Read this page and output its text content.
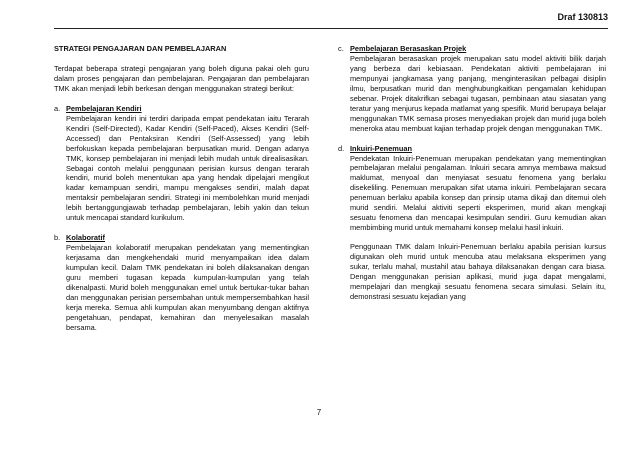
Draf 130813

STRATEGI PENGAJARAN DAN PEMBELAJARAN

Terdapat beberapa strategi pengajaran yang boleh diguna pakai oleh guru dalam proses pengajaran dan pembelajaran. Pengajaran dan pembelajaran TMK akan menjadi lebih berkesan dengan menggunakan strategi berikut:

a. Pembelajaran Kendiri

Pembelajaran kendiri ini terdiri daripada empat pendekatan iaitu Terarah Kendiri (Self-Directed), Kadar Kendiri (Self-Paced), Akses Kendiri (Self-Accessed) dan Pentaksiran Kendiri (Self-Assessed) yang lebih berfokuskan kepada pembelajaran berpusatkan murid. Dengan adanya TMK, konsep pembelajaran ini menjadi lebih mudah untuk direalisasikan. Sebagai contoh melalui penggunaan perisian kursus dengan terarah kendiri, murid boleh menentukan apa yang hendak dipelajari mengikut kadar kemampuan sendiri, mampu mengakses sendiri, malah dapat mentaksir pembelajaran sendiri. Strategi ini membolehkan murid menjadi lebih bertanggungjawab terhadap pembelajaran, lebih yakin dan tekun untuk mencapai standard kurikulum.

b. Kolaboratif

Pembelajaran kolaboratif merupakan pendekatan yang mementingkan kerjasama dan mengkehendaki murid menyampaikan idea dalam kumpulan kecil. Dalam TMK pendekatan ini boleh dilaksanakan dengan guru memberi tugasan kepada kumpulan-kumpulan yang telah dikenalpasti. Murid boleh menggunakan emel untuk bertukar-tukar bahan dan menggunakan perisian persembahan untuk mempersembahkan hasil kerja mereka. Semua ahli kumpulan akan menyumbang dengan aktifnya pengetahuan, pendapat, kemahiran dan menyelesaikan masalah bersama.

c. Pembelajaran Berasaskan Projek

Pembelajaran berasaskan projek merupakan satu model aktiviti bilik darjah yang berbeza dari kebiasaan. Pendekatan aktiviti pembelajaran ini mempunyai jangkamasa yang panjang, menginterasikan pelbagai disiplin ilmu, berpusatkan murid dan menghubungkaitkan pengamalan kehidupan sebenar. Projek ditakrifkan sebagai tugasan, pembinaan atau siasatan yang teratur yang menjurus kepada matlamat yang spesifik. Murid berupaya belajar menggunakan TMK semasa proses menyediakan projek dan murid juga boleh meneroka atau membuat kajian terhadap projek dengan menggunakan TMK.

d. Inkuiri-Penemuan

Pendekatan Inkuiri-Penemuan merupakan pendekatan yang mementingkan pembelajaran melalui pengalaman. Inkuiri secara amnya membawa maksud maklumat, menyoal dan menyiasat sesuatu fenomena yang berlaku disekeliling. Penemuan merupakan sifat utama inkuiri. Pembelajaran secara penemuan berlaku apabila konsep dan prinsip utama dikaji dan ditemui oleh murid sendiri. Melalui aktiviti seperti eksperimen, murid akan mengkaji sesuatu fenomena dan mencapai kesimpulan sendiri. Guru kemudian akan membimbing murid untuk memahami konsep melalui hasil inkuiri.

Penggunaan TMK dalam Inkuiri-Penemuan berlaku apabila perisian kursus digunakan oleh murid untuk mencuba atau melaksana eksperimen yang sukar, terlalu mahal, mustahil atau bahaya dilaksanakan dengan cara biasa. Dengan menggunakan perisian aplikasi, murid juga dapat mengalami, mempelajari dan mengkaji sesuatu fenomena secara simulasi. Selain itu, demonstrasi sesuatu kejadian yang

7
